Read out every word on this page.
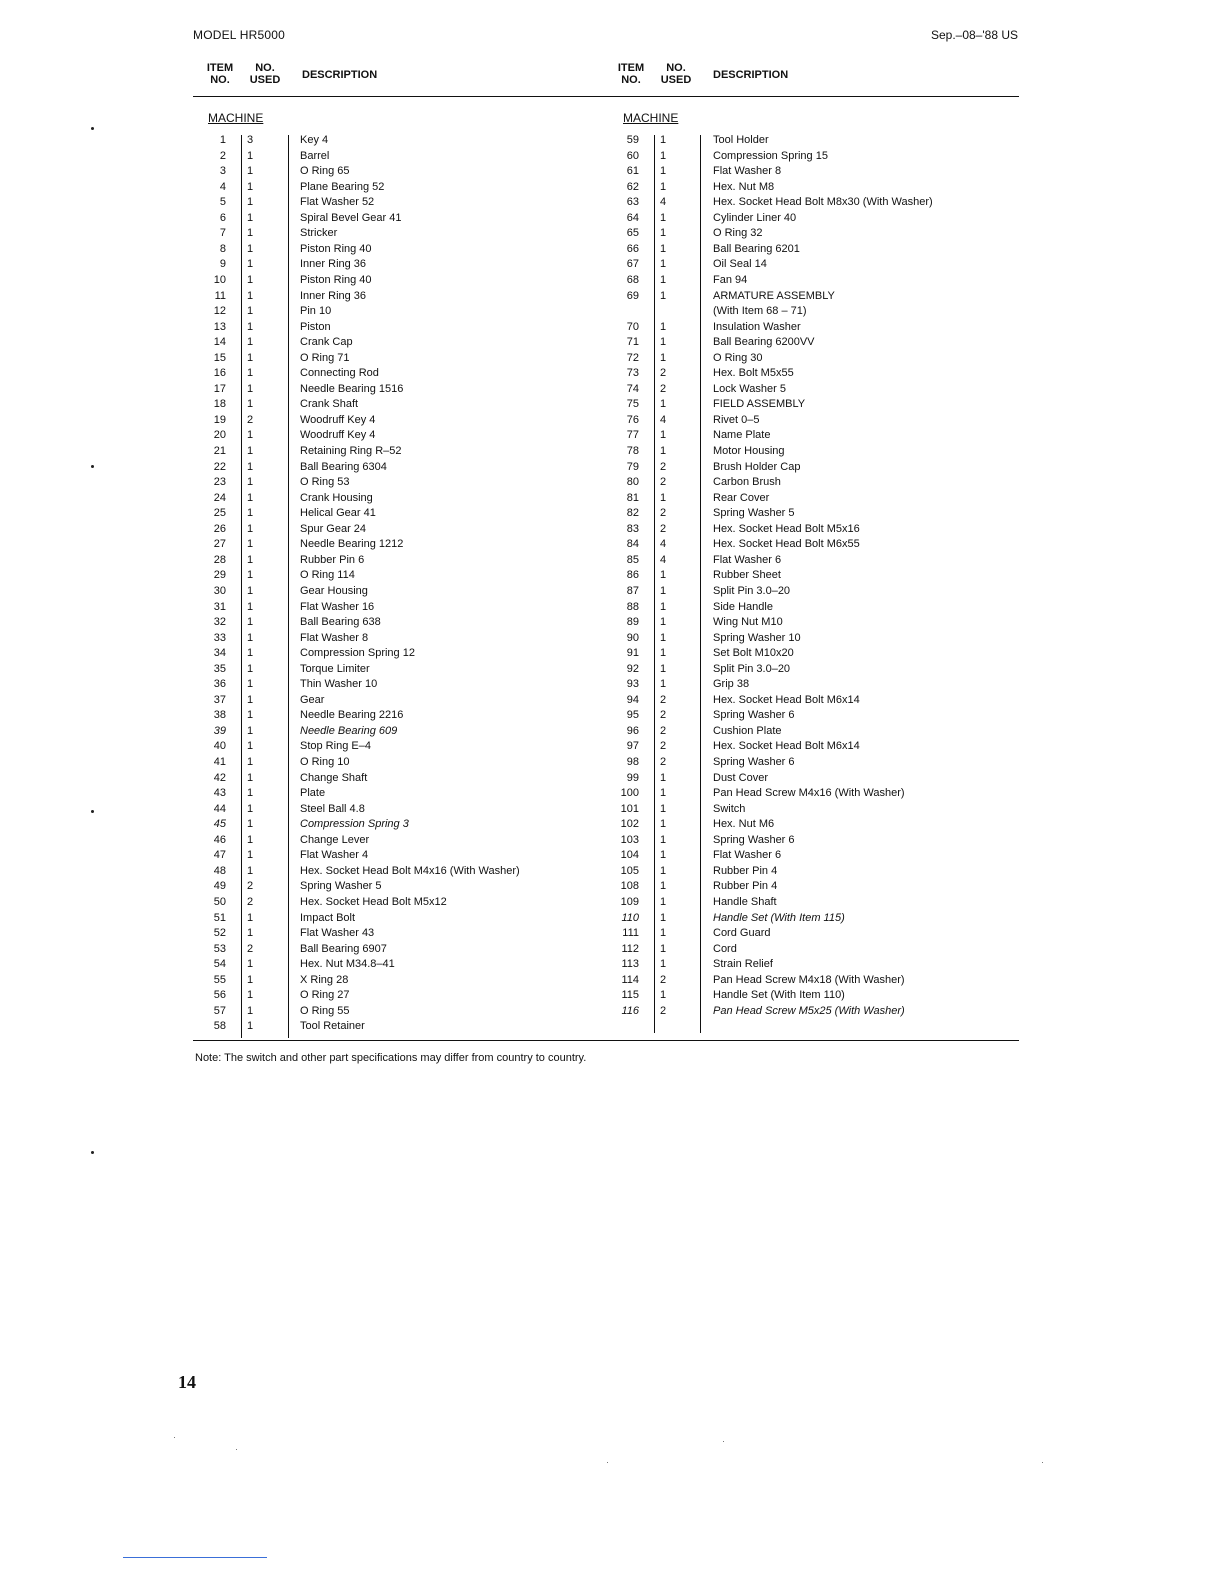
MODEL HR5000	Sep.–08–'88 US
ITEM
NO.
NO.
USED	DESCRIPTION
ITEM
NO.
NO.
USED	DESCRIPTION
MACHINE	MACHINE
1 3	Key 4
2 1	Barrel
3 1	O Ring 65
4 1	Plane Bearing 52
5 1	Flat Washer 52
6 1	Spiral Bevel Gear 41
7 1	Stricker
8 1	Piston Ring 40
9 1	Inner Ring 36
10 1	Piston Ring 40
11 1	Inner Ring 36
12 1	Pin 10
13 1	Piston
14 1	Crank Cap
15 1	O Ring 71
16 1	Connecting Rod
17 1	Needle Bearing 1516
18 1	Crank Shaft
19 2	Woodruff Key 4
20 1	Woodruff Key 4
21 1	Retaining Ring R–52
22 1	Ball Bearing 6304
23 1	O Ring 53
24 1	Crank Housing
25 1	Helical Gear 41
26 1	Spur Gear 24
27 1	Needle Bearing 1212
28 1	Rubber Pin 6
29 1	O Ring 114
30 1	Gear Housing
31 1	Flat Washer 16
32 1	Ball Bearing 638
33 1	Flat Washer 8
34 1	Compression Spring 12
35 1	Torque Limiter
36 1	Thin Washer 10
37 1	Gear
38 1	Needle Bearing 2216
39 1	Needle Bearing 609
40 1	Stop Ring E–4
41 1	O Ring 10
42 1	Change Shaft
43 1	Plate
44 1	Steel Ball 4.8
45 1	Compression Spring 3
46 1	Change Lever
47 1	Flat Washer 4
48 1	Hex. Socket Head Bolt M4x16 (With Washer)
49 2	Spring Washer 5
50 2	Hex. Socket Head Bolt M5x12
51 1	Impact Bolt
52 1	Flat Washer 43
53 2	Ball Bearing 6907
54 1	Hex. Nut M34.8–41
55 1	X Ring 28
56 1	O Ring 27
57 1	O Ring 55
58 1	Tool Retainer
59 1	Tool Holder
60 1	Compression Spring 15
61 1	Flat Washer 8
62 1	Hex. Nut M8
63 4	Hex. Socket Head Bolt M8x30 (With Washer)
64 1	Cylinder Liner 40
65 1	O Ring 32
66 1	Ball Bearing 6201
67 1	Oil Seal 14
68 1	Fan 94
69 1	ARMATURE ASSEMBLY
(With Item 68 – 71)
70 1	Insulation Washer
71 1	Ball Bearing 6200VV
72 1	O Ring 30
73 2	Hex. Bolt M5x55
74 2	Lock Washer 5
75 1	FIELD ASSEMBLY
76 4	Rivet 0–5
77 1	Name Plate
78 1	Motor Housing
79 2	Brush Holder Cap
80 2	Carbon Brush
81 1	Rear Cover
82 2	Spring Washer 5
83 2	Hex. Socket Head Bolt M5x16
84 4	Hex. Socket Head Bolt M6x55
85 4	Flat Washer 6
86 1	Rubber Sheet
87 1	Split Pin 3.0–20
88 1	Side Handle
89 1	Wing Nut M10
90 1	Spring Washer 10
91 1	Set Bolt M10x20
92 1	Split Pin 3.0–20
93 1	Grip 38
94 2	Hex. Socket Head Bolt M6x14
95 2	Spring Washer 6
96 2	Cushion Plate
97 2	Hex. Socket Head Bolt M6x14
98 2	Spring Washer 6
99 1	Dust Cover
100 1	Pan Head Screw M4x16 (With Washer)
101 1	Switch
102 1	Hex. Nut M6
103 1	Spring Washer 6
104 1	Flat Washer 6
105 1	Rubber Pin 4
108 1	Rubber Pin 4
109 1	Handle Shaft
110 1	Handle Set (With Item 115)
111 1	Cord Guard
112 1	Cord
113 1	Strain Relief
114 2	Pan Head Screw M4x18 (With Washer)
115 1	Handle Set (With Item 110)
116 2	Pan Head Screw M5x25 (With Washer)
Note: The switch and other part specifications may differ from country to country.
14
